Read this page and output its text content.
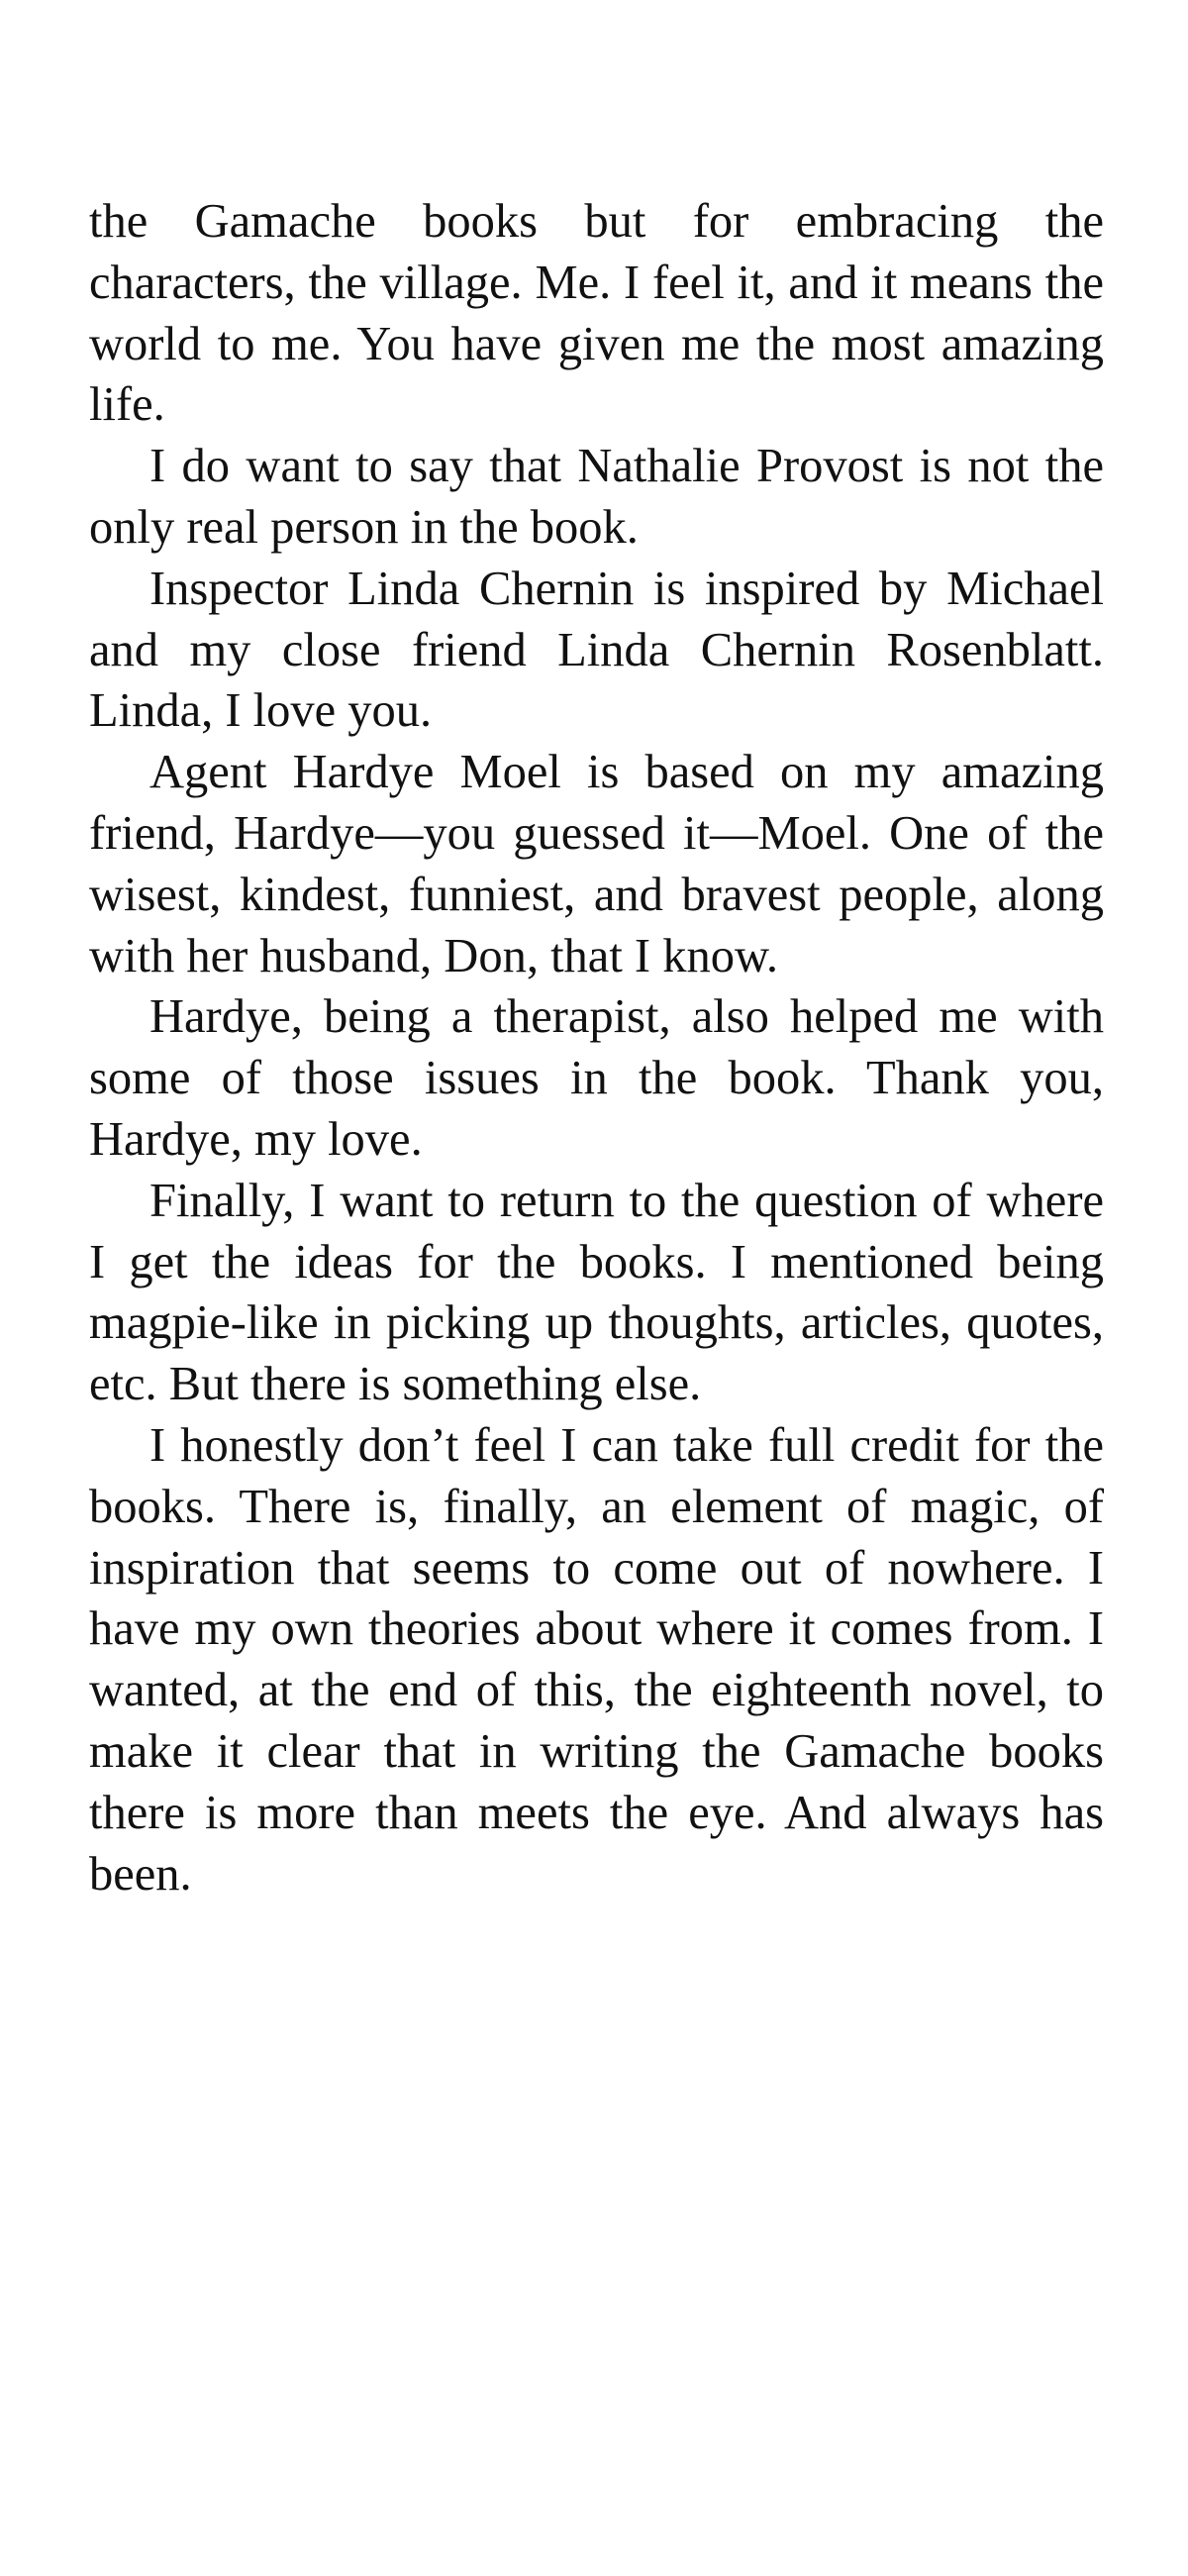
the Gamache books but for embracing the characters, the village. Me. I feel it, and it means the world to me. You have given me the most amazing life.

I do want to say that Nathalie Provost is not the only real person in the book.

Inspector Linda Chernin is inspired by Michael and my close friend Linda Chernin Rosenblatt. Linda, I love you.

Agent Hardye Moel is based on my amazing friend, Hardye—you guessed it—Moel. One of the wisest, kindest, funniest, and bravest people, along with her husband, Don, that I know.

Hardye, being a therapist, also helped me with some of those issues in the book. Thank you, Hardye, my love.

Finally, I want to return to the question of where I get the ideas for the books. I mentioned being magpie-like in picking up thoughts, articles, quotes, etc. But there is something else.

I honestly don’t feel I can take full credit for the books. There is, finally, an element of magic, of inspiration that seems to come out of nowhere. I have my own theories about where it comes from. I wanted, at the end of this, the eighteenth novel, to make it clear that in writing the Gamache books there is more than meets the eye. And always has been.
